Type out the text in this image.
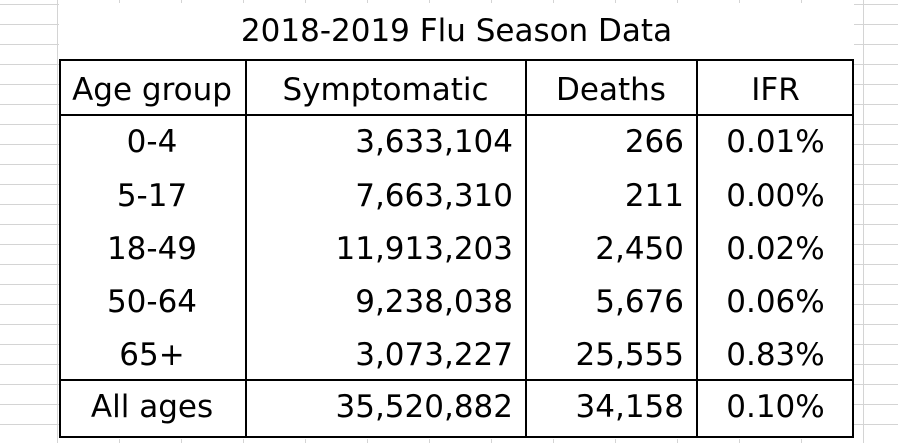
2018-2019 Flu Season Data
Age group	Symptomatic	Deaths	IFR
0-4	3,633,104	266	0.01%
5-17	7,663,310	211	0.00%
18-49	11,913,203	2,450	0.02%
50-64	9,238,038	5,676	0.06%
65+	3,073,227	25,555	0.83%
All ages	35,520,882	34,158	0.10%
